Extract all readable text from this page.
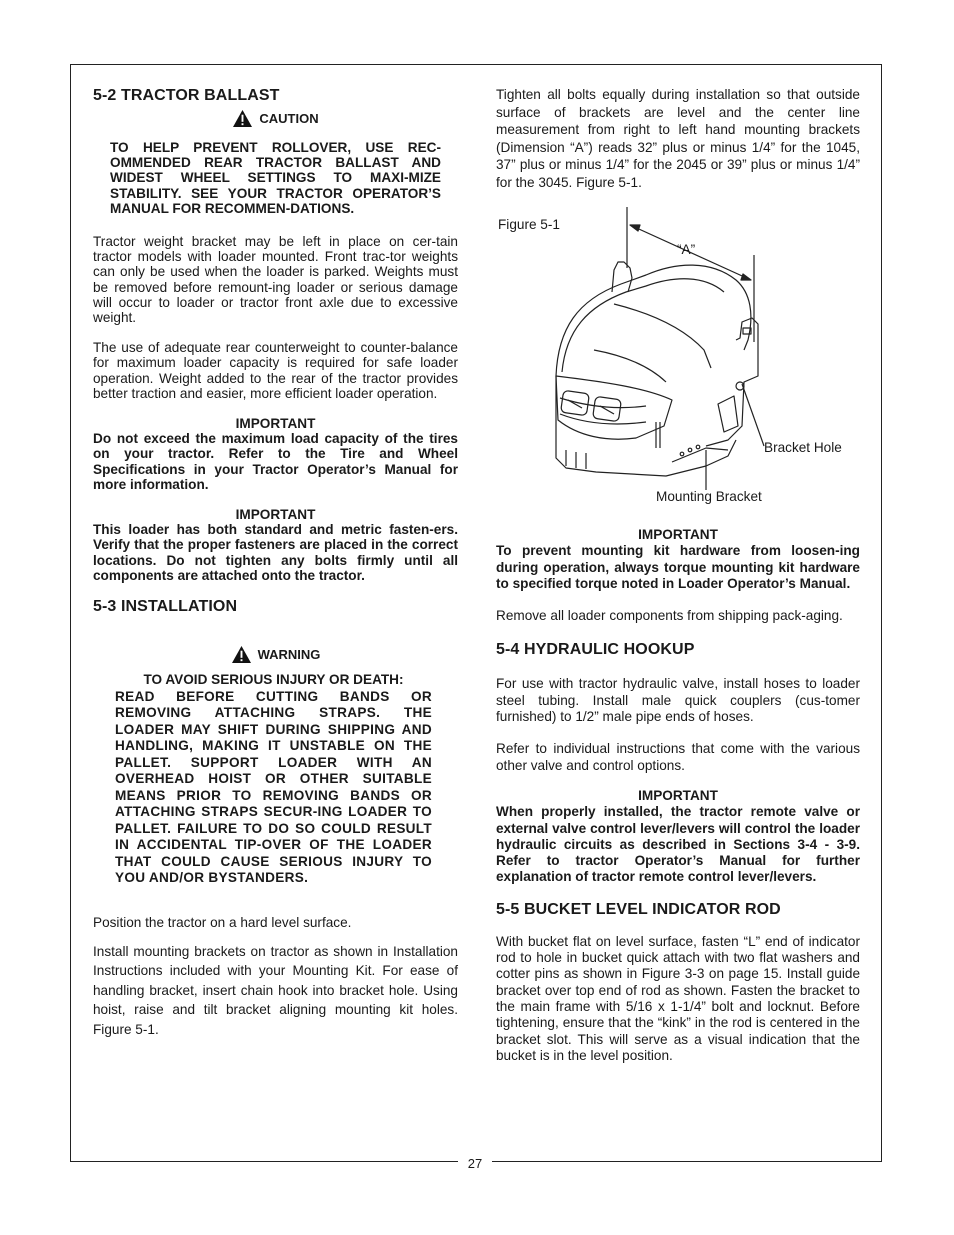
27
5-2 TRACTOR BALLAST
CAUTION

TO HELP PREVENT ROLLOVER, USE REC-OMMENDED REAR TRACTOR BALLAST AND WIDEST WHEEL SETTINGS TO MAXI-MIZE STABILITY. SEE YOUR TRACTOR OPERATOR’S MANUAL FOR RECOMMEN-DATIONS.

Tractor weight bracket may be left in place on cer-tain tractor models with loader mounted. Front trac-tor weights can only be used when the loader is parked. Weights must be removed before remount-ing loader or serious damage will occur to loader or tractor front axle due to excessive weight.

The use of adequate rear counterweight to counter-balance for maximum loader capacity is required for safe loader operation. Weight added to the rear of the tractor provides better traction and easier, more efficient loader operation.

IMPORTANT

Do not exceed the maximum load capacity of the tires on your tractor. Refer to the Tire and Wheel Specifications in your Tractor Operator’s Manual for more information.

IMPORTANT

This loader has both standard and metric fasten-ers. Verify that the proper fasteners are placed in the correct locations. Do not tighten any bolts firmly until all components are attached onto the tractor.

5-3 INSTALLATION
WARNING
TO AVOID SERIOUS INJURY OR DEATH:

READ BEFORE CUTTING BANDS OR REMOVING ATTACHING STRAPS. THE LOADER MAY SHIFT DURING SHIPPING AND HANDLING, MAKING IT UNSTABLE ON THE PALLET. SUPPORT LOADER WITH AN OVERHEAD HOIST OR OTHER SUITABLE MEANS PRIOR TO REMOVING BANDS OR ATTACHING STRAPS SECUR-ING LOADER TO PALLET. FAILURE TO DO SO COULD RESULT IN ACCIDENTAL TIP-OVER OF THE LOADER THAT COULD CAUSE SERIOUS INJURY TO YOU AND/OR BYSTANDERS.

Position the tractor on a hard level surface.

Install mounting brackets on tractor as shown in Installation Instructions included with your Mounting Kit. For ease of handling bracket, insert chain hook into bracket hole. Using hoist, raise and tilt bracket aligning mounting kit holes. Figure 5-1.

Tighten all bolts equally during installation so that outside surface of brackets are level and the center line measurement from right to left hand mounting brackets (Dimension “A”) reads 32” plus or minus 1/4” for the 1045, 37” plus or minus 1/4” for the 2045 or 39” plus or minus 1/4” for the 3045. Figure 5-1.

Figure 5-1
“A”
Bracket Hole
Mounting Bracket
IMPORTANT

To prevent mounting kit hardware from loosen-ing during operation, always torque mounting kit hardware to specified torque noted in Loader Operator’s Manual.

Remove all loader components from shipping pack-aging.

5-4 HYDRAULIC HOOKUP

For use with tractor hydraulic valve, install hoses to loader steel tubing. Install male quick couplers (cus-tomer furnished) to 1/2” male pipe ends of hoses.

Refer to individual instructions that come with the various other valve and control options.

IMPORTANT

When properly installed, the tractor remote valve or external valve control lever/levers will control the loader hydraulic circuits as described in Sections 3-4 - 3-9. Refer to tractor Operator’s Manual for further explanation of tractor remote control lever/levers.

5-5 BUCKET LEVEL INDICATOR ROD

With bucket flat on level surface, fasten “L” end of indicator rod to hole in bucket quick attach with two flat washers and cotter pins as shown in Figure 3-3 on page 15. Install guide bracket over top end of rod as shown. Fasten the bracket to the main frame with 5/16 x 1-1/4” bolt and locknut. Before tightening, ensure that the “kink” in the rod is centered in the bracket slot. This will serve as a visual indication that the bucket is in the level position.
